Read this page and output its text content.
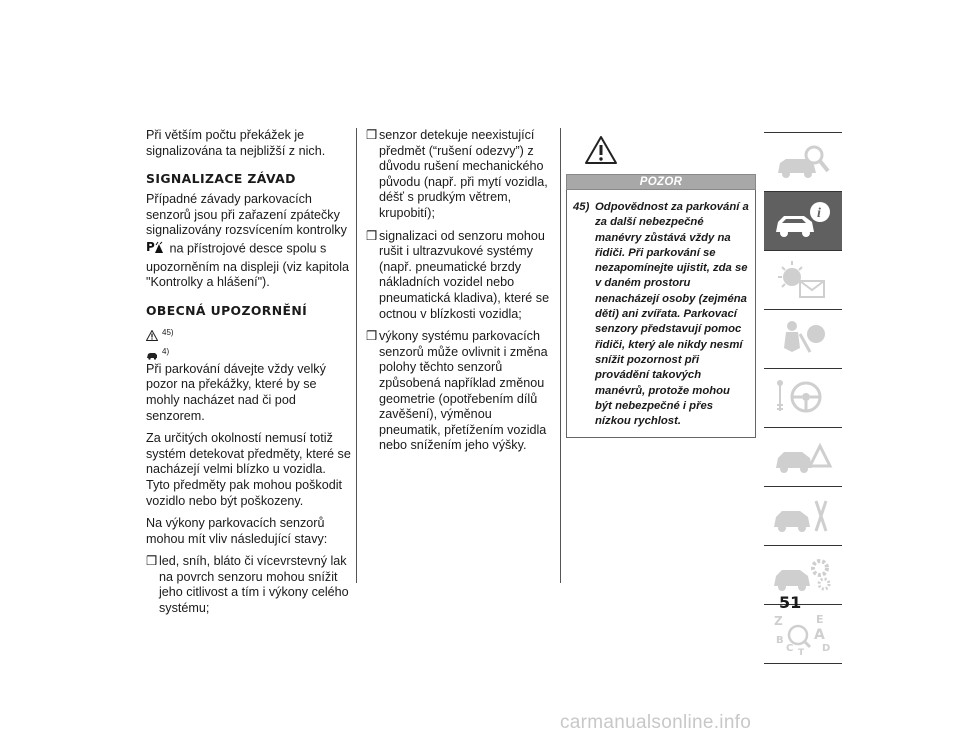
Při větším počtu překážek je signalizována ta nejbližší z nich.

SIGNALIZACE ZÁVAD

Případné závady parkovacích senzorů jsou při zařazení zpátečky signalizovány rozsvícením kontrolky
P na přístrojové desce spolu s upozorněním na displeji (viz kapitola "Kontrolky a hlášení").

OBECNÁ UPOZORNĚNÍ
45)
4)

Při parkování dávejte vždy velký pozor na překážky, které by se mohly nacházet nad či pod senzorem.

Za určitých okolností nemusí totiž systém detekovat předměty, které se nacházejí velmi blízko u vozidla. Tyto předměty pak mohou poškodit vozidlo nebo být poškozeny.

Na výkony parkovacích senzorů mohou mít vliv následující stavy:

❒ led, sníh, bláto či vícevrstevný lak na povrch senzoru mohou snížit jeho citlivost a tím i výkony celého systému;
❒ senzor detekuje neexistující předmět (“rušení odezvy”) z důvodu rušení mechanického původu (např. při mytí vozidla, déšť s prudkým větrem, krupobití);
❒ signalizaci od senzoru mohou rušit i ultrazvukové systémy (např. pneumatické brzdy nákladních vozidel nebo pneumatická kladiva), které se octnou v blízkosti vozidla;
❒ výkony systému parkovacích senzorů může ovlivnit i změna polohy těchto senzorů způsobená například změnou geometrie (opotřebením dílů zavěšení), výměnou pneumatik, přetížením vozidla nebo snížením jeho výšky.
POZOR
45) Odpovědnost za parkování a za další nebezpečné manévry zůstává vždy na řidiči. Při parkování se nezapomínejte ujistit, zda se v daném prostoru nenacházejí osoby (zejména děti) ani zvířata. Parkovací senzory představují pomoc řidiči, který ale nikdy nesmí snížit pozornost při provádění takových manévrů, protože mohou být nebezpečné i přes nízkou rychlost.
i
Z	E
B A
C	D
T
51
carmanualsonline.info
